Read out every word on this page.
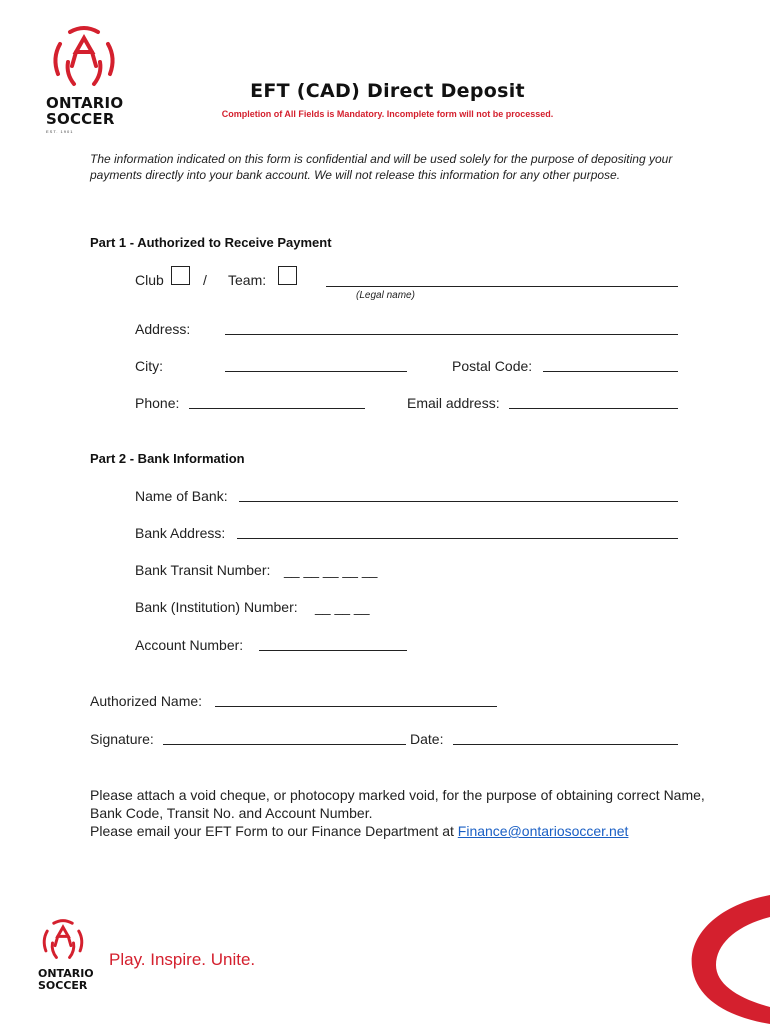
ONTARIO
SOCCER
EST. 1901
EFT (CAD) Direct Deposit
Completion of All Fields is Mandatory. Incomplete form will not be processed.
The information indicated on this form is confidential and will be used solely for the purpose of depositing your payments directly into your bank account. We will not release this information for any other purpose.
Part 1 - Authorized to Receive Payment
Club	/ Team:
(Legal name)
Address:
City:	Postal Code:
Phone:	Email address:
Part 2 - Bank Information
Name of Bank:
Bank Address:
Bank Transit Number: __ __ __ __ __
Bank (Institution) Number: __ __ __
Account Number:
Authorized Name:
Signature:	Date:
Please attach a void cheque, or photocopy marked void, for the purpose of obtaining correct Name, Bank Code, Transit No. and Account Number.
Please email your EFT Form to our Finance Department at Finance@ontariosoccer.net
ONTARIO
SOCCER
Play. Inspire. Unite.
